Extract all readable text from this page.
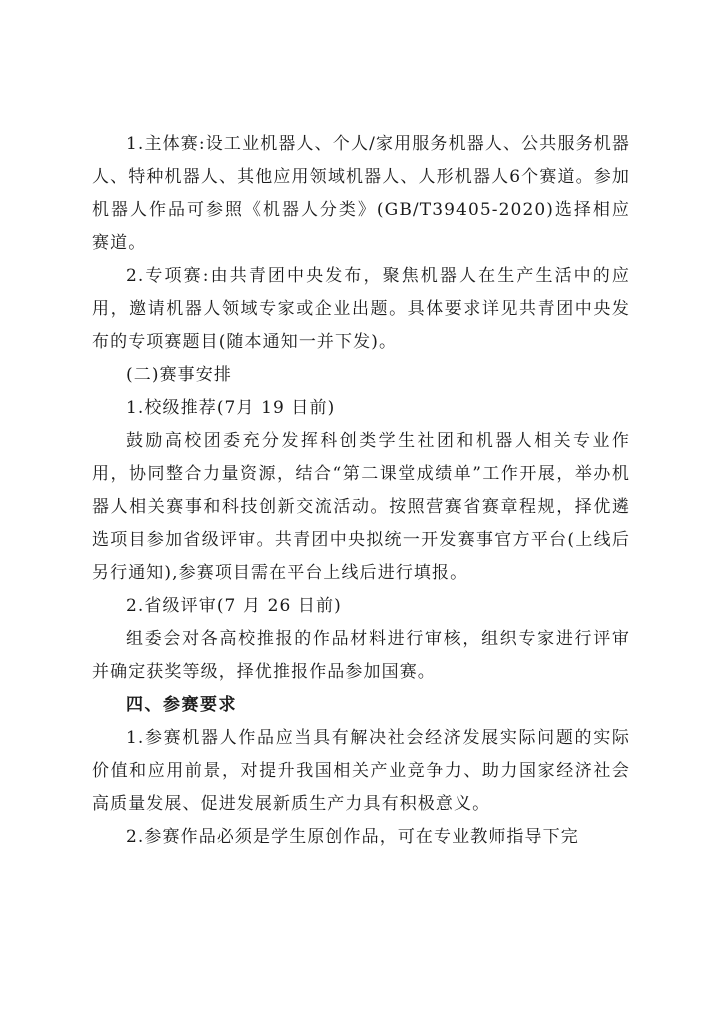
1.主体赛:设工业机器人、个人/家用服务机器人、公共服务机器人、特种机器人、其他应用领域机器人、人形机器人6个赛道。参加机器人作品可参照《机器人分类》(GB/T39405-2020)选择相应赛道。

2.专项赛:由共青团中央发布，聚焦机器人在生产生活中的应用，邀请机器人领域专家或企业出题。具体要求详见共青团中央发布的专项赛题目(随本通知一并下发)。

(二)赛事安排

1.校级推荐(7月 19 日前)

鼓励高校团委充分发挥科创类学生社团和机器人相关专业作用，协同整合力量资源，结合“第二课堂成绩单”工作开展，举办机器人相关赛事和科技创新交流活动。按照营赛省赛章程规，择优遴选项目参加省级评审。共青团中央拟统一开发赛事官方平台(上线后另行通知),参赛项目需在平台上线后进行填报。

2.省级评审(7 月 26 日前)

组委会对各高校推报的作品材料进行审核，组织专家进行评审并确定获奖等级，择优推报作品参加国赛。

四、参赛要求

1.参赛机器人作品应当具有解决社会经济发展实际问题的实际价值和应用前景，对提升我国相关产业竞争力、助力国家经济社会高质量发展、促进发展新质生产力具有积极意义。

2.参赛作品必须是学生原创作品，可在专业教师指导下完
